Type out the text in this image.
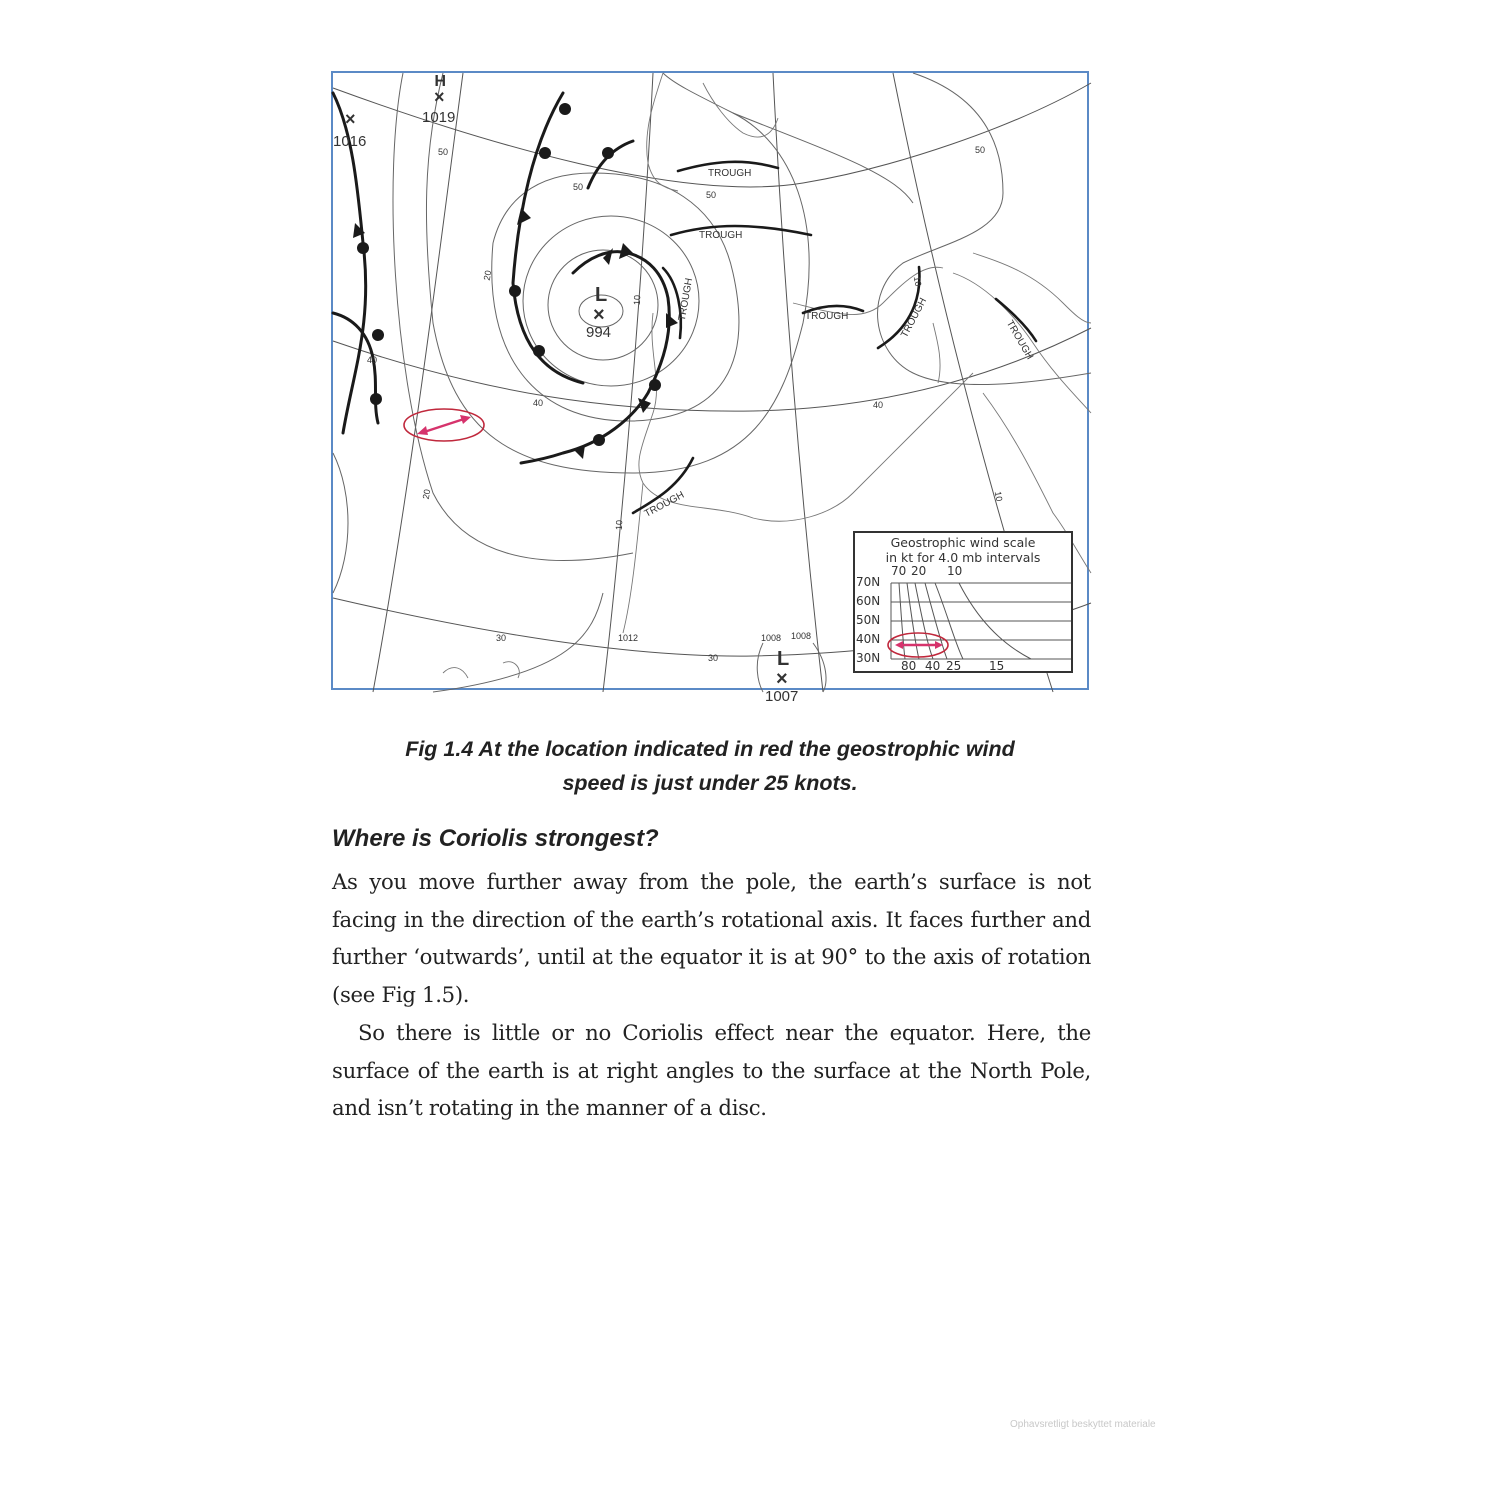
TROUGH
TROUGH
TROUGH	TROUGH	TROUGH
TROUGH
TROUGH
H
×
1019
×
1016
L
×
994
L
×
1007
50
50
50
50
40
40	40
30
30
1012	1008 1008
20
20
10
10
10
10
Geostrophic wind scale
in kt for 4.0 mb intervals
70 20 10
70N
60N
50N
40N
30N
80 40 25 15
Fig 1.4 At the location indicated in red the geostrophic wind
speed is just under 25 knots.
Where is Coriolis strongest?

As you move further away from the pole, the earth’s surface is not facing in the direction of the earth’s rotational axis. It faces further and further ‘outwards’, until at the equator it is at 90° to the axis of rotation (see Fig 1.5).

So there is little or no Coriolis effect near the equator. Here, the surface of the earth is at right angles to the surface at the North Pole, and isn’t rotating in the manner of a disc.

Ophavsretligt beskyttet materiale
